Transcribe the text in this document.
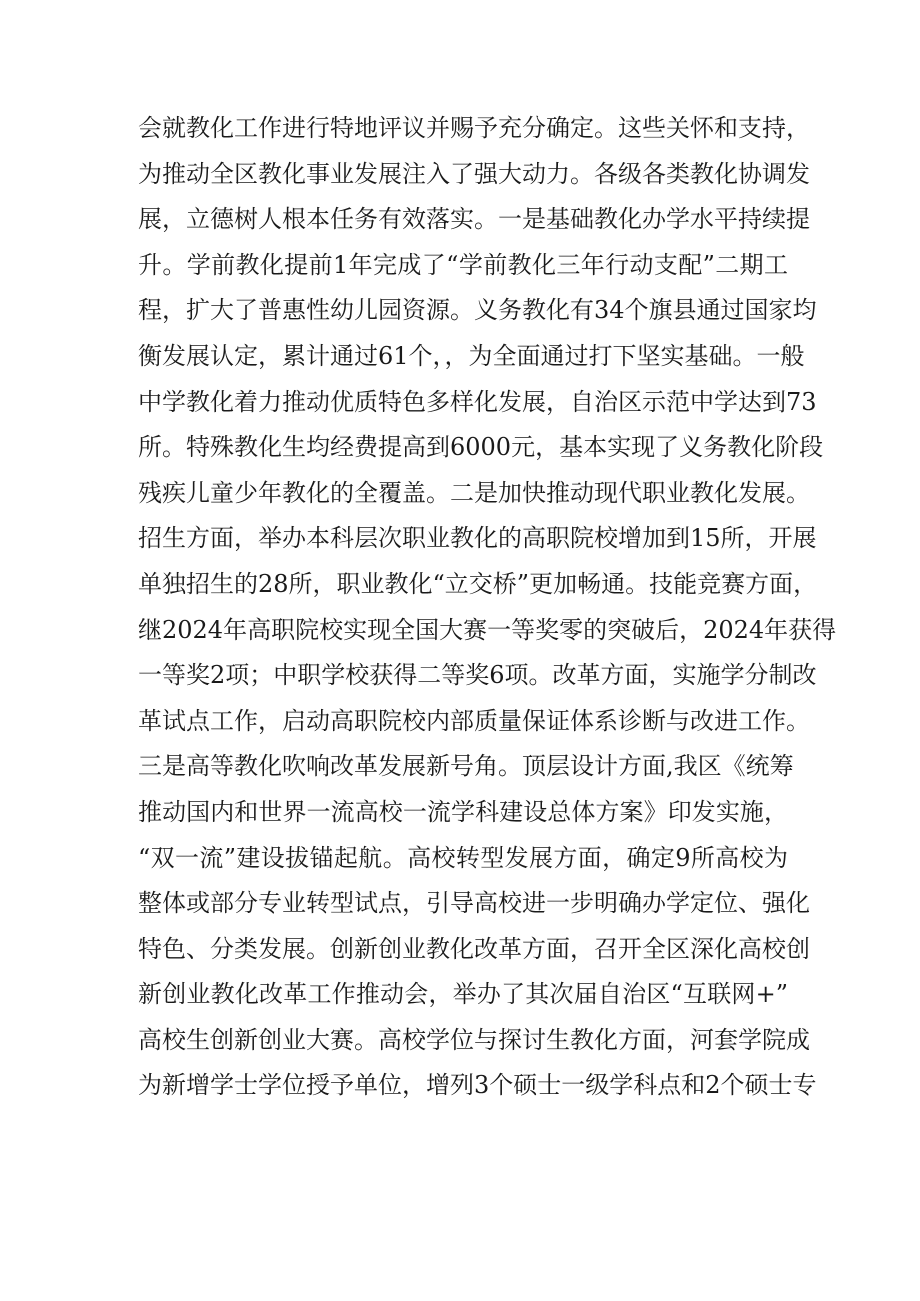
会就教化工作进行特地评议并赐予充分确定。这些关怀和支持，
为推动全区教化事业发展注入了强大动力。各级各类教化协调发
展，立德树人根本任务有效落实。一是基础教化办学水平持续提
升。学前教化提前1年完成了“学前教化三年行动支配”二期工
程，扩大了普惠性幼儿园资源。义务教化有34个旗县通过国家均
衡发展认定，累计通过61个，，为全面通过打下坚实基础。一般
中学教化着力推动优质特色多样化发展，自治区示范中学达到73
所。特殊教化生均经费提高到6000元，基本实现了义务教化阶段
残疾儿童少年教化的全覆盖。二是加快推动现代职业教化发展。
招生方面，举办本科层次职业教化的高职院校增加到15所，开展
单独招生的28所，职业教化“立交桥”更加畅通。技能竞赛方面，
继2024年高职院校实现全国大赛一等奖零的突破后，2024年获得
一等奖2项；中职学校获得二等奖6项。改革方面，实施学分制改
革试点工作，启动高职院校内部质量保证体系诊断与改进工作。
三是高等教化吹响改革发展新号角。顶层设计方面,我区《统筹
推动国内和世界一流高校一流学科建设总体方案》印发实施，
“双一流”建设拔锚起航。高校转型发展方面，确定9所高校为
整体或部分专业转型试点，引导高校进一步明确办学定位、强化
特色、分类发展。创新创业教化改革方面，召开全区深化高校创
新创业教化改革工作推动会，举办了其次届自治区“互联网+”
高校生创新创业大赛。高校学位与探讨生教化方面，河套学院成
为新增学士学位授予单位，增列3个硕士一级学科点和2个硕士专
